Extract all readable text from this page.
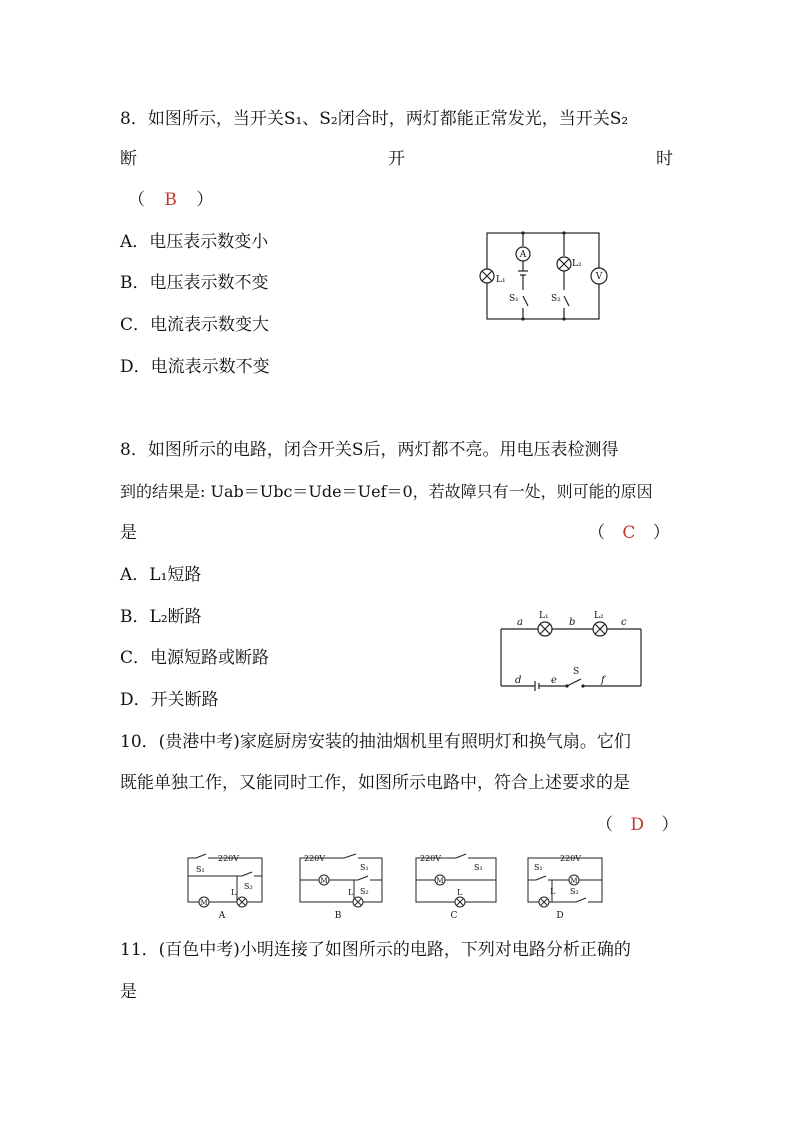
8．如图所示，当开关S₁、S₂闭合时，两灯都能正常发光，当开关S₂
断	开	时
（ B ）
A．电压表示数变小
B．电压表示数不变
C．电流表示数变大
D．电流表示数不变
A
V
L₁
L₂
S₁	S₂
8．如图所示的电路，闭合开关S后，两灯都不亮。用电压表检测得
到的结果是: Uab＝Ubc＝Ude＝Uef＝0，若故障只有一处，则可能的原因
是	（ C ）
A．L₁短路
B．L₂断路
C．电源短路或断路
D．开关断路
a	b	c
d	e	f
L₁	L₂
S
10．(贵港中考)家庭厨房安装的抽油烟机里有照明灯和换气扇。它们
既能单独工作，又能同时工作，如图所示电路中，符合上述要求的是
（ D ）
220V
S₁
S₂
L
M
A
220V
S₁
S₂
L
M
B
220V
S₁
L
M
C
220V
S₁
S₂
L
M
D
11．(百色中考)小明连接了如图所示的电路，下列对电路分析正确的
是
